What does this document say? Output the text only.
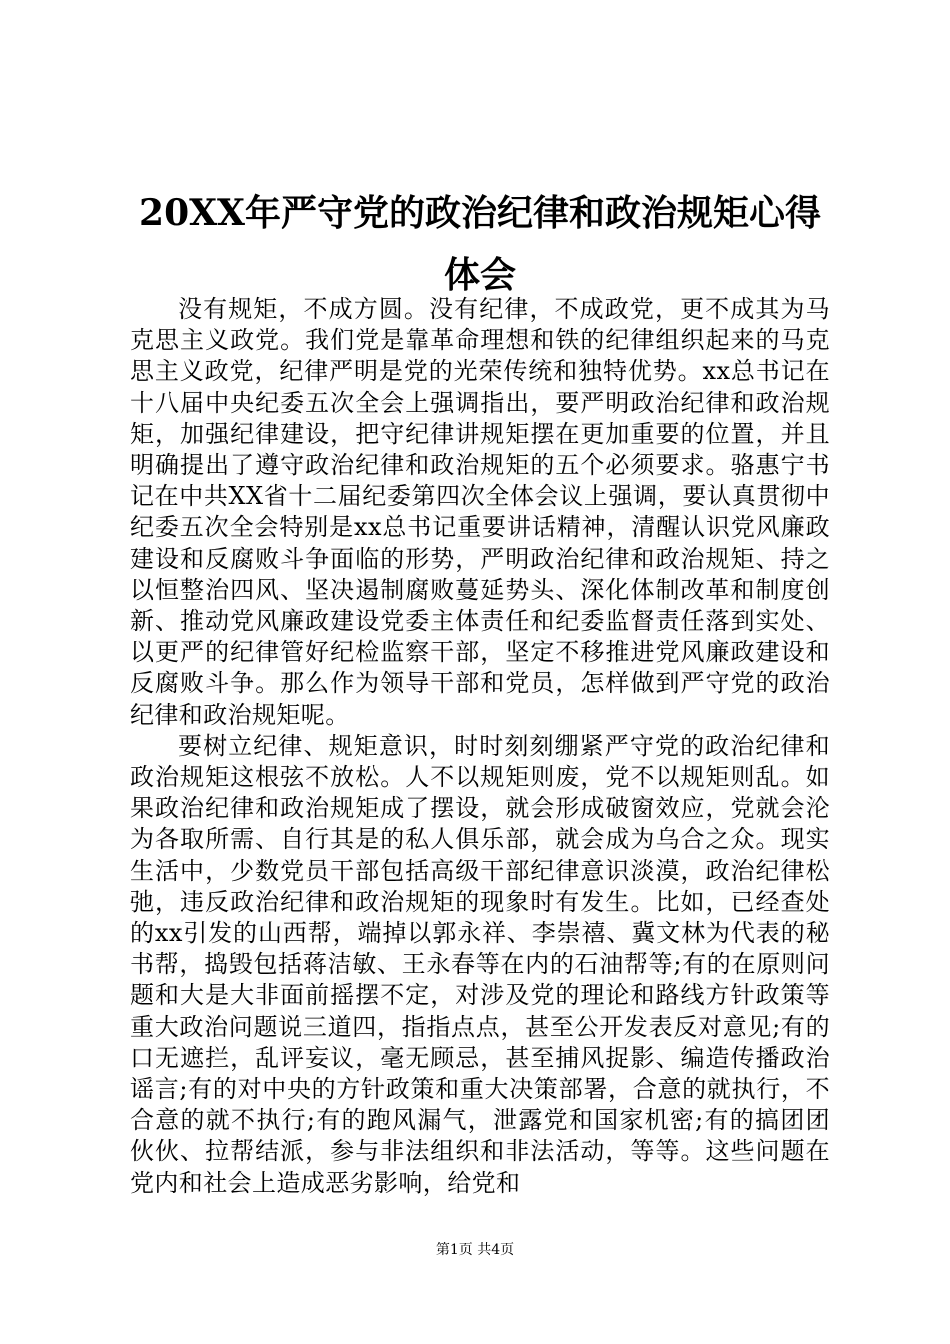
20XX年严守党的政治纪律和政治规矩心得体会

没有规矩，不成方圆。没有纪律，不成政党，更不成其为马克思主义政党。我们党是靠革命理想和铁的纪律组织起来的马克思主义政党，纪律严明是党的光荣传统和独特优势。xx总书记在十八届中央纪委五次全会上强调指出，要严明政治纪律和政治规矩，加强纪律建设，把守纪律讲规矩摆在更加重要的位置，并且明确提出了遵守政治纪律和政治规矩的五个必须要求。骆惠宁书记在中共XX省十二届纪委第四次全体会议上强调，要认真贯彻中纪委五次全会特别是xx总书记重要讲话精神，清醒认识党风廉政建设和反腐败斗争面临的形势，严明政治纪律和政治规矩、持之以恒整治四风、坚决遏制腐败蔓延势头、深化体制改革和制度创新、推动党风廉政建设党委主体责任和纪委监督责任落到实处、以更严的纪律管好纪检监察干部，坚定不移推进党风廉政建设和反腐败斗争。那么作为领导干部和党员，怎样做到严守党的政治纪律和政治规矩呢。

要树立纪律、规矩意识，时时刻刻绷紧严守党的政治纪律和政治规矩这根弦不放松。人不以规矩则废，党不以规矩则乱。如果政治纪律和政治规矩成了摆设，就会形成破窗效应，党就会沦为各取所需、自行其是的私人俱乐部，就会成为乌合之众。现实生活中，少数党员干部包括高级干部纪律意识淡漠，政治纪律松弛，违反政治纪律和政治规矩的现象时有发生。比如，已经查处的xx引发的山西帮，端掉以郭永祥、李崇禧、冀文林为代表的秘书帮，捣毁包括蒋洁敏、王永春等在内的石油帮等;有的在原则问题和大是大非面前摇摆不定，对涉及党的理论和路线方针政策等重大政治问题说三道四，指指点点，甚至公开发表反对意见;有的口无遮拦，乱评妄议，毫无顾忌，甚至捕风捉影、编造传播政治谣言;有的对中央的方针政策和重大决策部署，合意的就执行，不合意的就不执行;有的跑风漏气，泄露党和国家机密;有的搞团团伙伙、拉帮结派，参与非法组织和非法活动，等等。这些问题在党内和社会上造成恶劣影响，给党和

第1页 共4页
